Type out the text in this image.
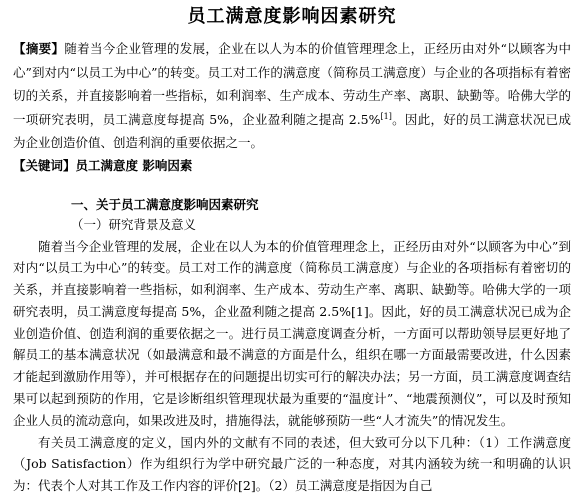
员工满意度影响因素研究

【摘要】随着当今企业管理的发展，企业在以人为本的价值管理理念上，正经历由对外“以顾客为中心”到对内“以员工为中心”的转变。员工对工作的满意度（简称员工满意度）与企业的各项指标有着密切的关系，并直接影响着一些指标，如利润率、生产成本、劳动生产率、离职、缺勤等。哈佛大学的一项研究表明，员工满意度每提高 5%，企业盈利随之提高 2.5%[1]。因此，好的员工满意状况已成为企业创造价值、创造利润的重要依据之一。

【关键词】员工满意度 影响因素

一、关于员工满意度影响因素研究
（一）研究背景及意义

随着当今企业管理的发展，企业在以人为本的价值管理理念上，正经历由对外“以顾客为中心”到对内“以员工为中心”的转变。员工对工作的满意度（简称员工满意度）与企业的各项指标有着密切的关系，并直接影响着一些指标，如利润率、生产成本、劳动生产率、离职、缺勤等。哈佛大学的一项研究表明，员工满意度每提高 5%，企业盈利随之提高 2.5%[1]。因此，好的员工满意状况已成为企业创造价值、创造利润的重要依据之一。进行员工满意度调查分析，一方面可以帮助领导层更好地了解员工的基本满意状况（如最满意和最不满意的方面是什么，组织在哪一方面最需要改进，什么因素才能起到激励作用等），并可根据存在的问题提出切实可行的解决办法；另一方面，员工满意度调查结果可以起到预防的作用，它是诊断组织管理现状最为重要的“温度计”、“地震预测仪”，可以及时预知企业人员的流动意向，如果改进及时，措施得法，就能够预防一些“人才流失”的情况发生。

有关员工满意度的定义，国内外的文献有不同的表述，但大致可分以下几种：（1）工作满意度（Job Satisfaction）作为组织行为学中研究最广泛的一种态度，对其内涵较为统一和明确的认识为：代表个人对其工作及工作内容的评价[2]。（2）员工满意度是指因为自己
